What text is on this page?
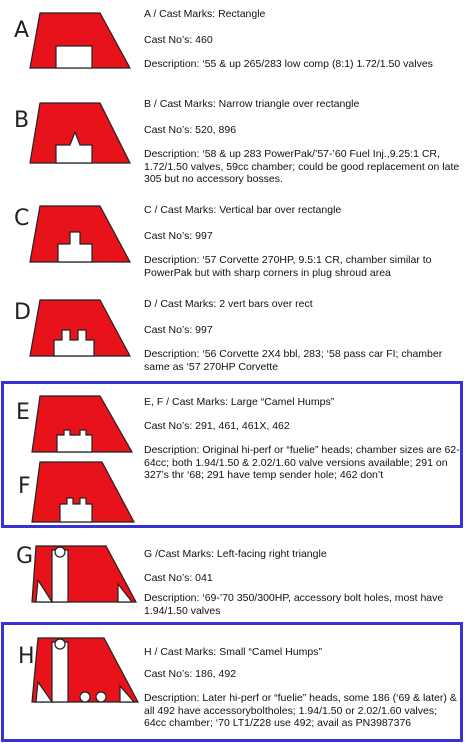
A
A / Cast Marks: Rectangle
Cast No’s: 460
Description: ‘55 & up 265/283 low comp (8:1) 1.72/1.50 valves
B
B / Cast Marks: Narrow triangle over rectangle
Cast No’s: 520, 896
Description: ‘58 & up 283 PowerPak/’57-’60 Fuel Inj.,9.25:1 CR, 1.72/1.50 valves, 59cc chamber; could be good replacement on late 305 but no accessory bosses.
C	C / Cast Marks: Vertical bar over rectangle
Cast No’s: 997
Description: ‘57 Corvette 270HP, 9.5:1 CR, chamber similar to PowerPak but with sharp corners in plug shroud area
D	D / Cast Marks: 2 vert bars over rect
Cast No’s: 997
Description: ‘56 Corvette 2X4 bbl, 283; ‘58 pass car FI; chamber same as ‘57 270HP Corvette
E
F
E, F / Cast Marks: Large “Camel Humps”
Cast No’s: 291, 461, 461X, 462
Description: Original hi-perf or “fuelie” heads; chamber sizes are 62-64cc; both 1.94/1.50 & 2.02/1.60 valve versions available; 291 on 327’s thr ‘68; 291 have temp sender hole; 462 don’t
G	G /Cast Marks: Left-facing right triangle
Cast No’s: 041
Description: ‘69-’70 350/300HP, accessory bolt holes, most have 1.94/1.50 valves
H	H / Cast Marks: Small “Camel Humps”
Cast No’s: 186, 492
Description: Later hi-perf or “fuelie” heads, some 186 (‘69 & later) & all 492 have accessoryboltholes; 1.94/1.50 or 2.02/1.60 valves; 64cc chamber; ‘70 LT1/Z28 use 492; avail as PN3987376
